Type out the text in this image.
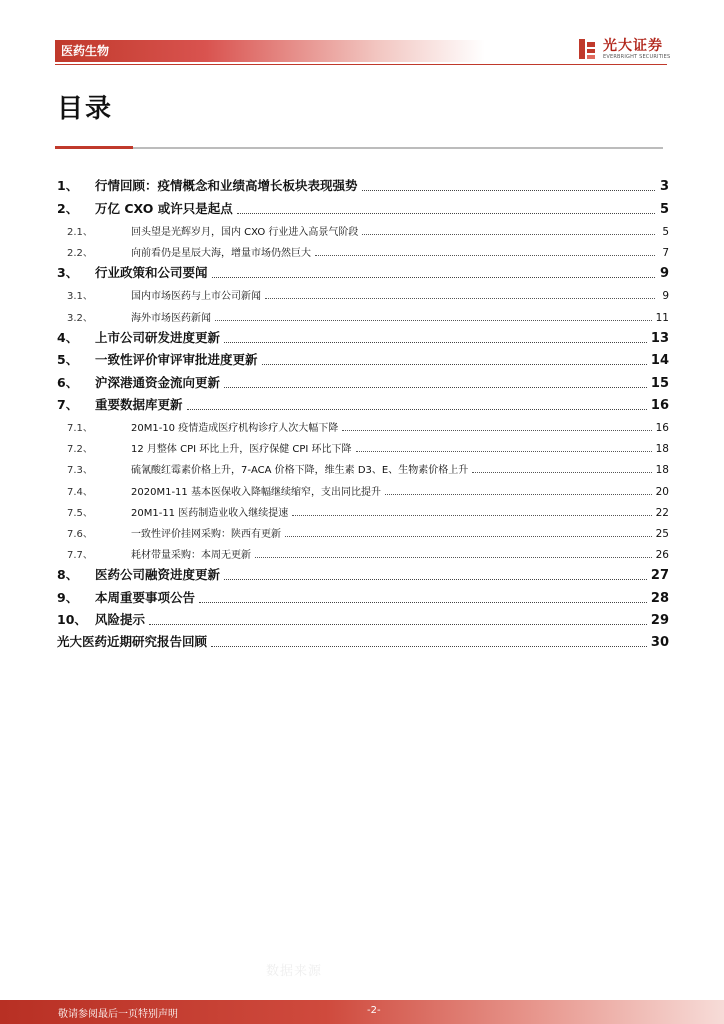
医药生物	光大证券
EVERBRIGHT SECURITIES
目录
1、	行情回顾：疫情概念和业绩高增长板块表现强势	3
2、	万亿 CXO 或许只是起点	5
2.1、	回头望是光辉岁月，国内 CXO 行业进入高景气阶段	5
2.2、	向前看仍是星辰大海，增量市场仍然巨大	7
3、	行业政策和公司要闻	9
3.1、	国内市场医药与上市公司新闻	9
3.2、	海外市场医药新闻	11
4、	上市公司研发进度更新	13
5、	一致性评价审评审批进度更新	14
6、	沪深港通资金流向更新	15
7、	重要数据库更新	16
7.1、	20M1-10 疫情造成医疗机构诊疗人次大幅下降	16
7.2、	12 月整体 CPI 环比上升，医疗保健 CPI 环比下降	18
7.3、	硫氰酸红霉素价格上升，7-ACA 价格下降，维生素 D3、E、生物素价格上升	18
7.4、	2020M1-11 基本医保收入降幅继续缩窄，支出同比提升	20
7.5、	20M1-11 医药制造业收入继续提速	22
7.6、	一致性评价挂网采购：陕西有更新	25
7.7、	耗材带量采购：本周无更新	26
8、	医药公司融资进度更新	27
9、	本周重要事项公告	28
10、 风险提示	29
光大医药近期研究报告回顾	30
数据来源
敬请参阅最后一页特别声明	-2-
